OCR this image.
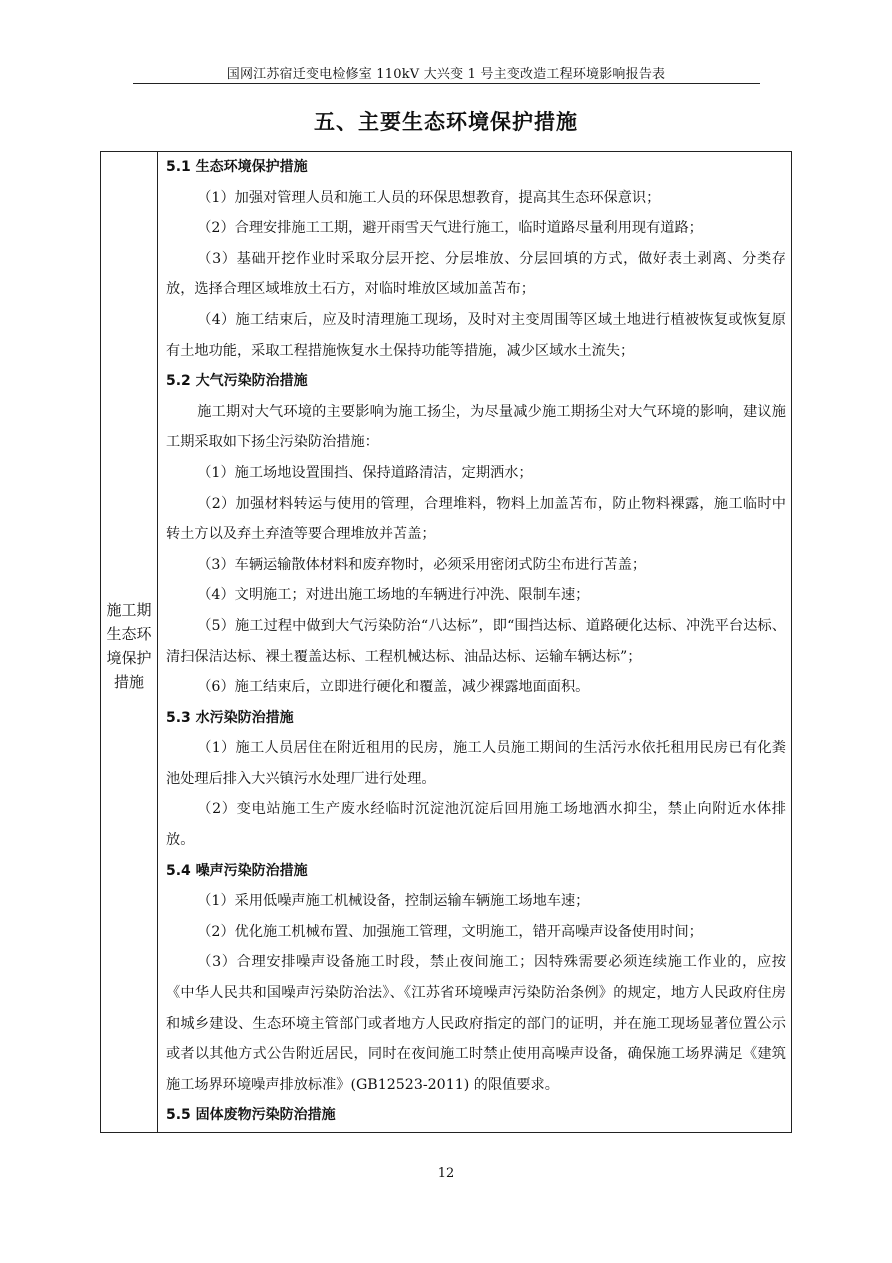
国网江苏宿迁变电检修室 110kV 大兴变 1 号主变改造工程环境影响报告表
五、主要生态环境保护措施
施工期
生态环
境保护
措施

5.1 生态环境保护措施

（1）加强对管理人员和施工人员的环保思想教育，提高其生态环保意识；

（2）合理安排施工工期，避开雨雪天气进行施工，临时道路尽量利用现有道路；

（3）基础开挖作业时采取分层开挖、分层堆放、分层回填的方式，做好表土剥离、分类存放，选择合理区域堆放土石方，对临时堆放区域加盖苫布；

（4）施工结束后，应及时清理施工现场，及时对主变周围等区域土地进行植被恢复或恢复原有土地功能，采取工程措施恢复水土保持功能等措施，减少区域水土流失；

5.2 大气污染防治措施

施工期对大气环境的主要影响为施工扬尘，为尽量减少施工期扬尘对大气环境的影响，建议施工期采取如下扬尘污染防治措施：

（1）施工场地设置围挡、保持道路清洁，定期洒水；

（2）加强材料转运与使用的管理，合理堆料，物料上加盖苫布，防止物料裸露，施工临时中转土方以及弃土弃渣等要合理堆放并苫盖；

（3）车辆运输散体材料和废弃物时，必须采用密闭式防尘布进行苫盖；

（4）文明施工；对进出施工场地的车辆进行冲洗、限制车速；

（5）施工过程中做到大气污染防治“八达标”，即“围挡达标、道路硬化达标、冲洗平台达标、清扫保洁达标、裸土覆盖达标、工程机械达标、油品达标、运输车辆达标”；

（6）施工结束后，立即进行硬化和覆盖，减少裸露地面面积。

5.3 水污染防治措施

（1）施工人员居住在附近租用的民房，施工人员施工期间的生活污水依托租用民房已有化粪池处理后排入大兴镇污水处理厂进行处理。

（2）变电站施工生产废水经临时沉淀池沉淀后回用施工场地洒水抑尘，禁止向附近水体排放。

5.4 噪声污染防治措施

（1）采用低噪声施工机械设备，控制运输车辆施工场地车速；

（2）优化施工机械布置、加强施工管理，文明施工，错开高噪声设备使用时间；

（3）合理安排噪声设备施工时段，禁止夜间施工；因特殊需要必须连续施工作业的，应按《中华人民共和国噪声污染防治法》、《江苏省环境噪声污染防治条例》的规定，地方人民政府住房和城乡建设、生态环境主管部门或者地方人民政府指定的部门的证明，并在施工现场显著位置公示或者以其他方式公告附近居民，同时在夜间施工时禁止使用高噪声设备，确保施工场界满足《建筑施工场界环境噪声排放标准》(GB12523-2011) 的限值要求。

5.5 固体废物污染防治措施

12
